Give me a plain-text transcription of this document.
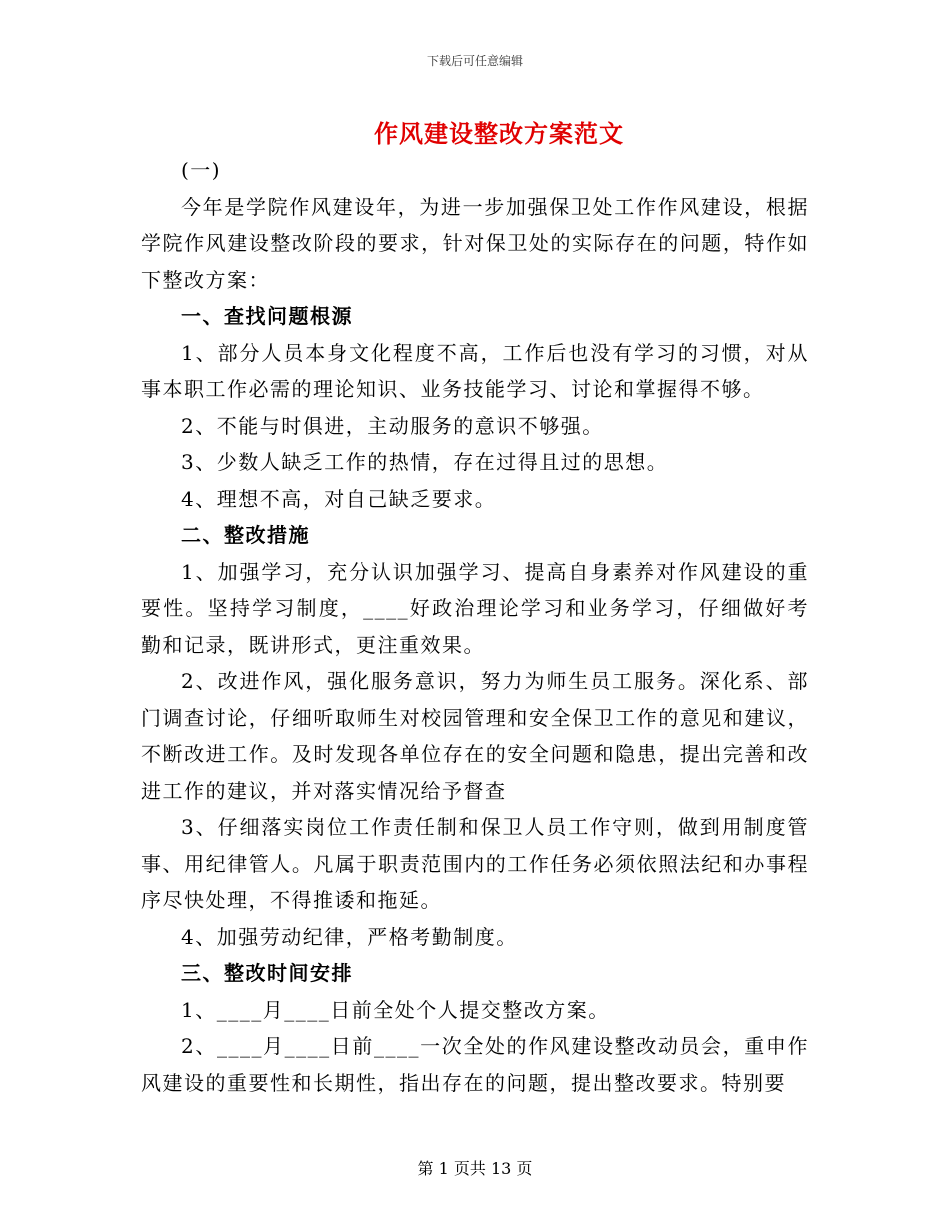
下载后可任意编辑
作风建设整改方案范文

(一)

今年是学院作风建设年，为进一步加强保卫处工作作风建设，根据学院作风建设整改阶段的要求，针对保卫处的实际存在的问题，特作如下整改方案：

一、查找问题根源

1、部分人员本身文化程度不高，工作后也没有学习的习惯，对从事本职工作必需的理论知识、业务技能学习、讨论和掌握得不够。

2、不能与时俱进，主动服务的意识不够强。

3、少数人缺乏工作的热情，存在过得且过的思想。

4、理想不高，对自己缺乏要求。

二、整改措施

1、加强学习，充分认识加强学习、提高自身素养对作风建设的重要性。坚持学习制度，____好政治理论学习和业务学习，仔细做好考勤和记录，既讲形式，更注重效果。

2、改进作风，强化服务意识，努力为师生员工服务。深化系、部门调查讨论，仔细听取师生对校园管理和安全保卫工作的意见和建议，不断改进工作。及时发现各单位存在的安全问题和隐患，提出完善和改进工作的建议，并对落实情况给予督查

3、仔细落实岗位工作责任制和保卫人员工作守则，做到用制度管事、用纪律管人。凡属于职责范围内的工作任务必须依照法纪和办事程序尽快处理，不得推诿和拖延。

4、加强劳动纪律，严格考勤制度。

三、整改时间安排

1、____月____日前全处个人提交整改方案。

2、____月____日前____一次全处的作风建设整改动员会，重申作风建设的重要性和长期性，指出存在的问题，提出整改要求。特别要

第 1 页共 13 页
